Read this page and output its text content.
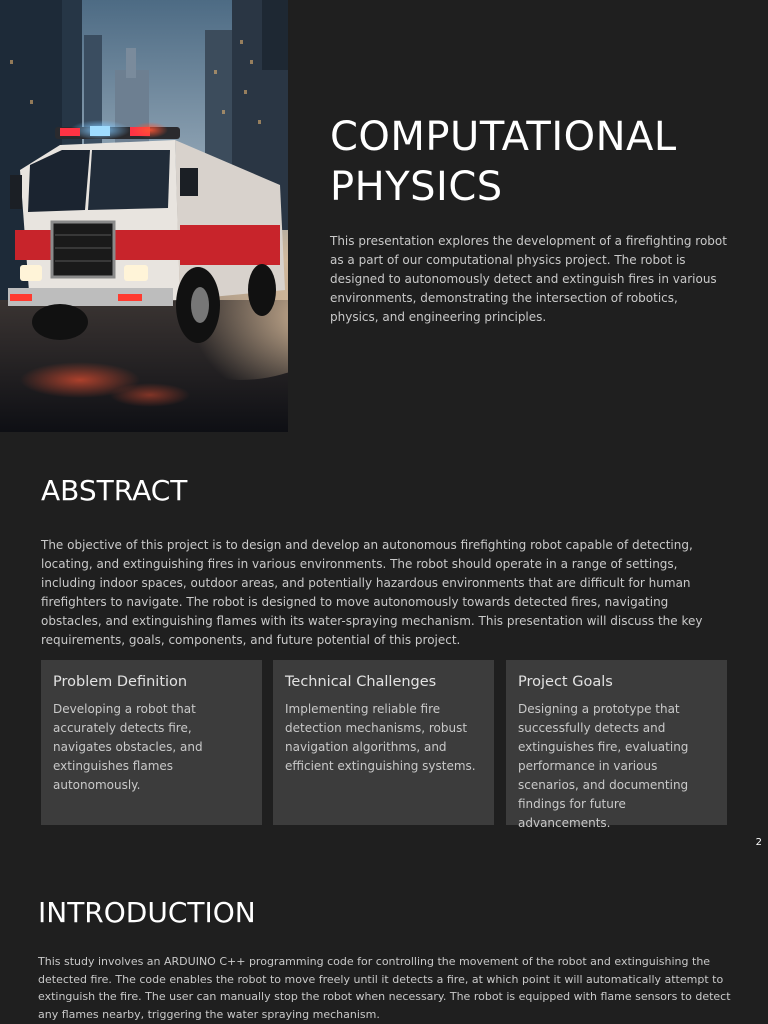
COMPUTATIONAL PHYSICS

This presentation explores the development of a firefighting robot as a part of our computational physics project. The robot is designed to autonomously detect and extinguish fires in various environments, demonstrating the intersection of robotics, physics, and engineering principles.

ABSTRACT

The objective of this project is to design and develop an autonomous firefighting robot capable of detecting, locating, and extinguishing fires in various environments. The robot should operate in a range of settings, including indoor spaces, outdoor areas, and potentially hazardous environments that are difficult for human firefighters to navigate. The robot is designed to move autonomously towards detected fires, navigating obstacles, and extinguishing flames with its water-spraying mechanism. This presentation will discuss the key requirements, goals, components, and future potential of this project.

Problem Definition

Developing a robot that accurately detects fire, navigates obstacles, and extinguishes flames autonomously.

Technical Challenges

Implementing reliable fire detection mechanisms, robust navigation algorithms, and efficient extinguishing systems.

Project Goals

Designing a prototype that successfully detects and extinguishes fire, evaluating performance in various scenarios, and documenting findings for future advancements.

2
INTRODUCTION

This study involves an ARDUINO C++ programming code for controlling the movement of the robot and extinguishing the detected fire. The code enables the robot to move freely until it detects a fire, at which point it will automatically attempt to extinguish the fire. The user can manually stop the robot when necessary. The robot is equipped with flame sensors to detect any flames nearby, triggering the water spraying mechanism.
